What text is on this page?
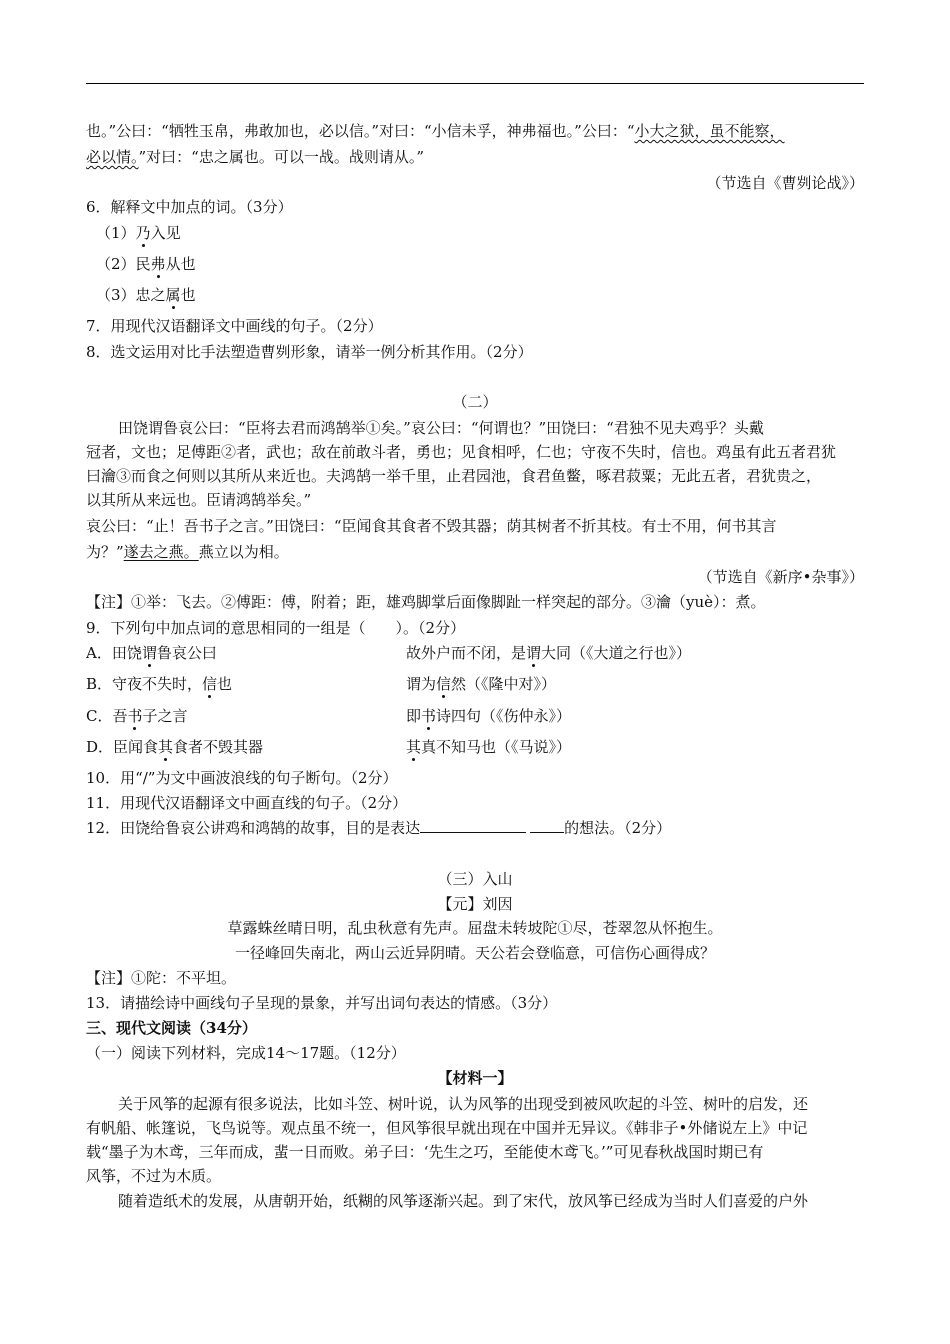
也。”公曰：“牺牲玉帛，弗敢加也，必以信。”对曰：“小信未孚，神弗福也。”公曰：“小大之狱，虽不能察，
必以情。”对曰：“忠之属也。可以一战。战则请从。”
（节选自《曹刿论战》）
6．解释文中加点的词。（3分）
（1）乃入见
（2）民弗从也
（3）忠之属也
7．用现代汉语翻译文中画线的句子。（2分）
8．选文运用对比手法塑造曹刿形象，请举一例分析其作用。（2分）
（二）
田饶谓鲁哀公曰：“臣将去君而鸿鹄举①矣。”哀公曰：“何谓也？”田饶曰：“君独不见夫鸡乎？头戴
冠者，文也；足傅距②者，武也；敌在前敢斗者，勇也；见食相呼，仁也；守夜不失时，信也。鸡虽有此五者君犹
曰瀹③而食之何则以其所从来近也。夫鸿鹄一举千里，止君园池，食君鱼鳖，啄君菽粟；无此五者，君犹贵之，
以其所从来远也。臣请鸿鹄举矣。”
哀公曰：“止！吾书子之言。”田饶曰：“臣闻食其食者不毁其器；荫其树者不折其枝。有士不用，何书其言
为？”遂去之燕。燕立以为相。
（节选自《新序•杂事》）
【注】①举：飞去。②傅距：傅，附着；距，雄鸡脚掌后面像脚趾一样突起的部分。③瀹（yuè）：煮。
9．下列句中加点词的意思相同的一组是（　　）。（2分）
A．田饶谓鲁哀公曰	故外户而不闭，是谓大同（《大道之行也》）
B．守夜不失时，信也	谓为信然（《隆中对》）
C．吾书子之言	即书诗四句（《伤仲永》）
D．臣闻食其食者不毁其器	其真不知马也（《马说》）
10．用“/”为文中画波浪线的句子断句。（2分）
11．用现代汉语翻译文中画直线的句子。（2分）
12．田饶给鲁哀公讲鸡和鸿鹄的故事，目的是表达	的想法。（2分）
（三）入山
【元】刘因
草露蛛丝晴日明，乱虫秋意有先声。屈盘未转坡陀①尽，苍翠忽从怀抱生。
一径峰回失南北，两山云近异阴晴。天公若会登临意，可信伤心画得成？
【注】①陀：不平坦。
13．请描绘诗中画线句子呈现的景象，并写出词句表达的情感。（3分）
三、现代文阅读（34分）
（一）阅读下列材料，完成14～17题。（12分）
【材料一】
关于风筝的起源有很多说法，比如斗笠、树叶说，认为风筝的出现受到被风吹起的斗笠、树叶的启发，还
有帆船、帐篷说，飞鸟说等。观点虽不统一，但风筝很早就出现在中国并无异议。《韩非子•外储说左上》中记
载“墨子为木鸢，三年而成，蜚一日而败。弟子曰：‘先生之巧，至能使木鸢飞。’”可见春秋战国时期已有
风筝，不过为木质。
随着造纸术的发展，从唐朝开始，纸糊的风筝逐渐兴起。到了宋代，放风筝已经成为当时人们喜爱的户外
